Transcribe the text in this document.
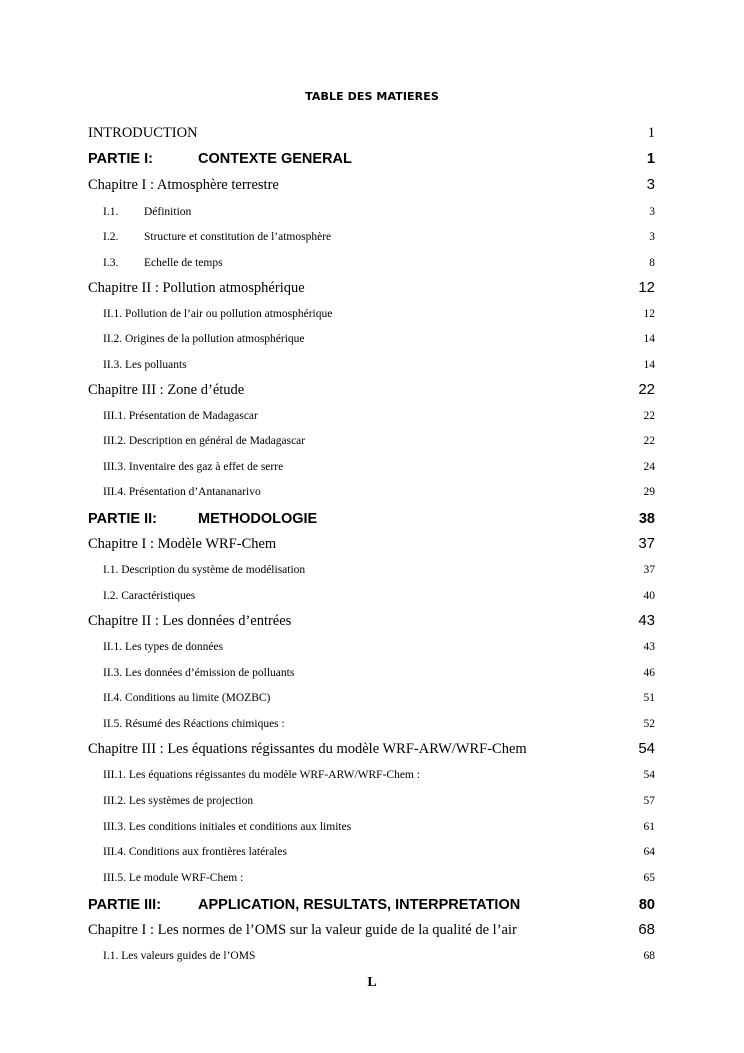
TABLE DES MATIERES
INTRODUCTION .....	1
PARTIE I:	CONTEXTE GENERAL .....	1
Chapitre I : Atmosphère terrestre .....	3
I.1. Définition .....	3
I.2. Structure et constitution de l’atmosphère .....	3
I.3. Echelle de temps .....	8
Chapitre II : Pollution atmosphérique .....	12
II.1. Pollution de l’air ou pollution atmosphérique .....	12
II.2. Origines de la pollution atmosphérique .....	14
II.3. Les polluants .....	14
Chapitre III : Zone d’étude .....	22
III.1. Présentation de Madagascar .....	22
III.2. Description en général de Madagascar .....	22
III.3. Inventaire des gaz à effet de serre .....	24
III.4. Présentation d’Antananarivo .....	29
PARTIE II:	METHODOLOGIE .....	38
Chapitre I : Modèle WRF-Chem .....	37
I.1. Description du système de modélisation .....	37
I.2. Caractéristiques .....	40
Chapitre II : Les données d’entrées .....	43
II.1. Les types de données .....	43
II.3. Les données d’émission de polluants .....	46
II.4. Conditions au limite (MOZBC) .....	51
II.5. Résumé des Réactions chimiques : .....	52
Chapitre III : Les équations régissantes du modèle WRF-ARW/WRF-Chem .....	54
III.1. Les équations régissantes du modèle WRF-ARW/WRF-Chem : .....	54
III.2. Les systèmes de projection .....	57
III.3. Les conditions initiales et conditions aux limites .....	61
III.4. Conditions aux frontières latérales .....	64
III.5. Le module WRF-Chem : .....	65
PARTIE III:	APPLICATION, RESULTATS, INTERPRETATION .....	80
Chapitre I : Les normes de l’OMS sur la valeur guide de la qualité de l’air .....	68
I.1. Les valeurs guides de l’OMS .....	68
L
